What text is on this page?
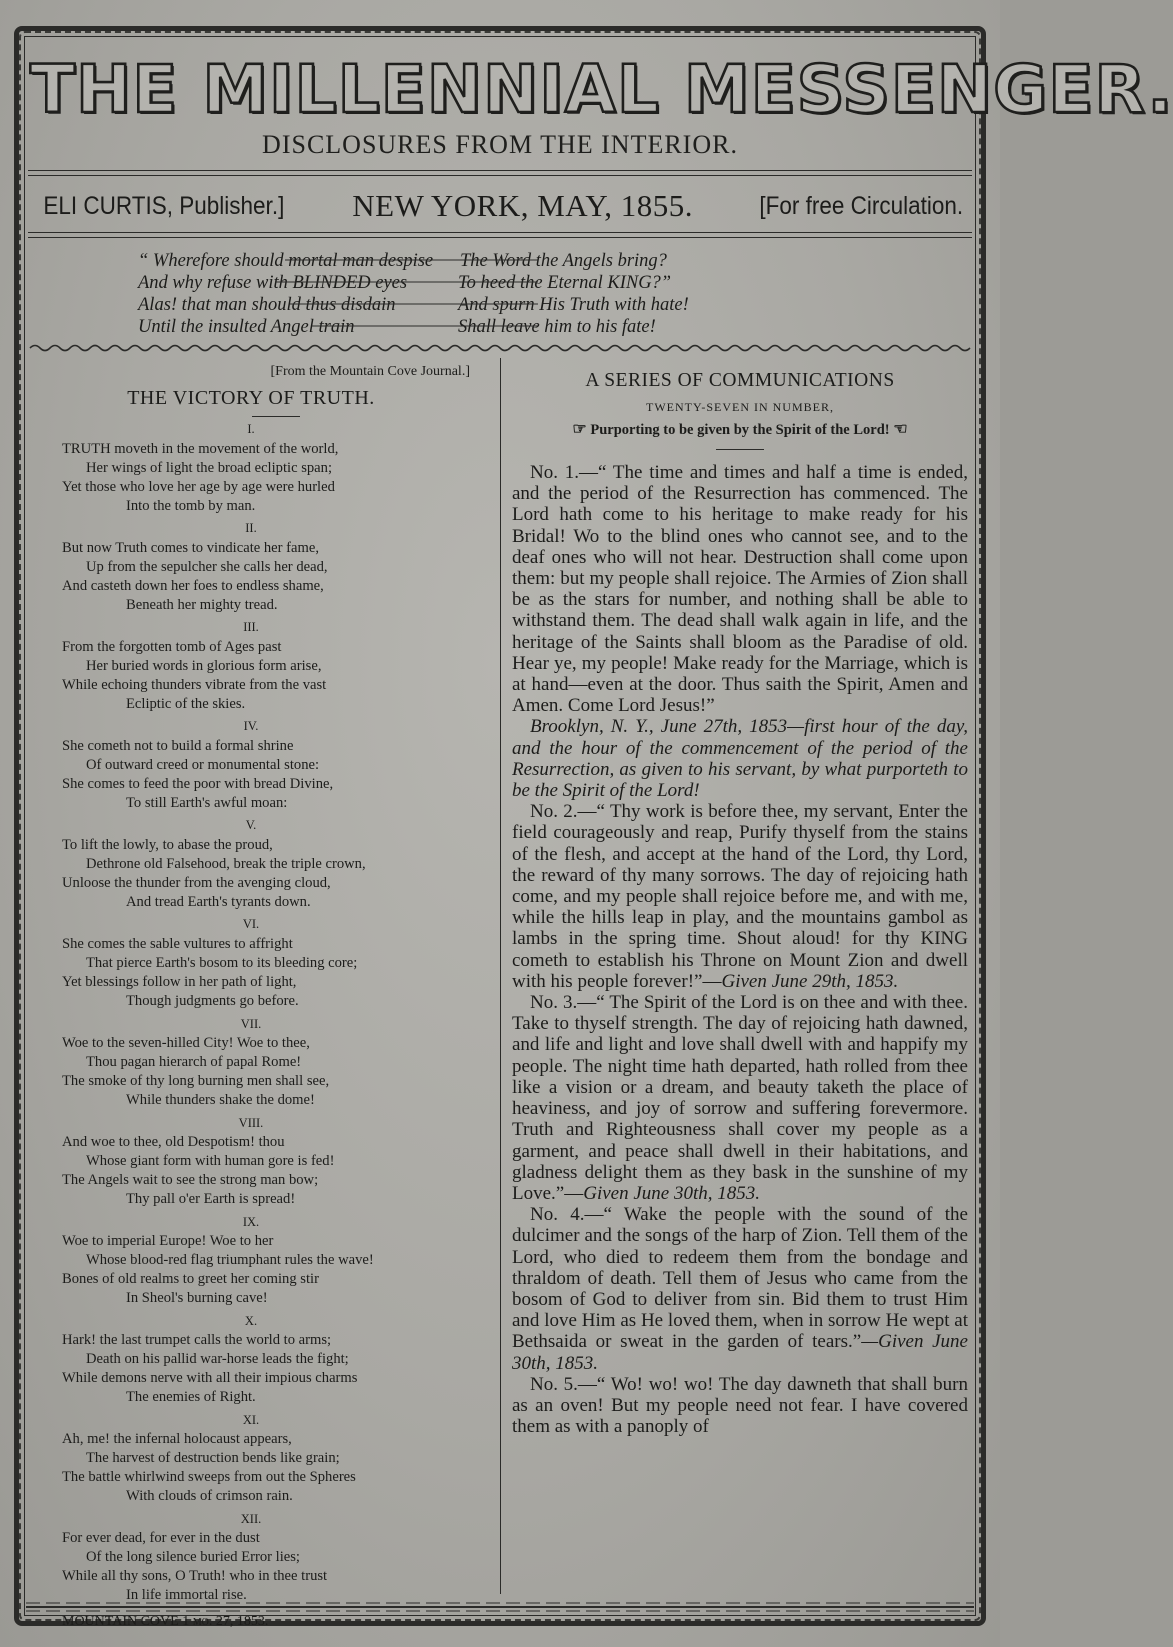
THE MILLENNIAL MESSENGER.
DISCLOSURES FROM THE INTERIOR.
ELI CURTIS, Publisher.] NEW YORK, MAY, 1855.	[For free Circulation.
“ Wherefore should mortal man despise The Word the Angels bring?
And why refuse with BLINDED eyes	To heed the Eternal KING?”
Alas! that man should thus disdain	And spurn His Truth with hate!
Until the insulted Angel train	Shall leave him to his fate!
[From the Mountain Cove Journal.]
THE VICTORY OF TRUTH.
I.
TRUTH moveth in the movement of the world,
Her wings of light the broad ecliptic span;
Yet those who love her age by age were hurled
Into the tomb by man.
II.
But now Truth comes to vindicate her fame,
Up from the sepulcher she calls her dead,
And casteth down her foes to endless shame,
Beneath her mighty tread.
III.
From the forgotten tomb of Ages past
Her buried words in glorious form arise,
While echoing thunders vibrate from the vast
Ecliptic of the skies.
IV.
She cometh not to build a formal shrine
Of outward creed or monumental stone:
She comes to feed the poor with bread Divine,
To still Earth's awful moan:
V.
To lift the lowly, to abase the proud,
Dethrone old Falsehood, break the triple crown,
Unloose the thunder from the avenging cloud,
And tread Earth's tyrants down.
VI.
She comes the sable vultures to affright
That pierce Earth's bosom to its bleeding core;
Yet blessings follow in her path of light,
Though judgments go before.
VII.
Woe to the seven-hilled City! Woe to thee,
Thou pagan hierarch of papal Rome!
The smoke of thy long burning men shall see,
While thunders shake the dome!
VIII.
And woe to thee, old Despotism! thou
Whose giant form with human gore is fed!
The Angels wait to see the strong man bow;
Thy pall o'er Earth is spread!
IX.
Woe to imperial Europe! Woe to her
Whose blood-red flag triumphant rules the wave!
Bones of old realms to greet her coming stir
In Sheol's burning cave!
X.
Hark! the last trumpet calls the world to arms;
Death on his pallid war-horse leads the fight;
While demons nerve with all their impious charms
The enemies of Right.
XI.
Ah, me! the infernal holocaust appears,
The harvest of destruction bends like grain;
The battle whirlwind sweeps from out the Spheres
With clouds of crimson rain.
XII.
For ever dead, for ever in the dust
Of the long silence buried Error lies;
While all thy sons, O Truth! who in thee trust
In life immortal rise.
MOUNTAIN COVE 1 mo. 27, 1853.
A SERIES OF COMMUNICATIONS
TWENTY-SEVEN IN NUMBER,
☞ Purporting to be given by the Spirit of the Lord! ☜

No. 1.—“ The time and times and half a time is ended, and the period of the Resurrection has commenced. The Lord hath come to his heritage to make ready for his Bridal! Wo to the blind ones who cannot see, and to the deaf ones who will not hear. Destruction shall come upon them: but my people shall rejoice. The Armies of Zion shall be as the stars for number, and nothing shall be able to withstand them. The dead shall walk again in life, and the heritage of the Saints shall bloom as the Paradise of old. Hear ye, my people! Make ready for the Marriage, which is at hand—even at the door. Thus saith the Spirit, Amen and Amen. Come Lord Jesus!”

Brooklyn, N. Y., June 27th, 1853—first hour of the day, and the hour of the commencement of the period of the Resurrection, as given to his servant, by what purporteth to be the Spirit of the Lord!

No. 2.—“ Thy work is before thee, my servant, Enter the field courageously and reap, Purify thyself from the stains of the flesh, and accept at the hand of the Lord, thy Lord, the reward of thy many sorrows. The day of rejoicing hath come, and my people shall rejoice before me, and with me, while the hills leap in play, and the mountains gambol as lambs in the spring time. Shout aloud! for thy KING cometh to establish his Throne on Mount Zion and dwell with his people forever!”—Given June 29th, 1853.

No. 3.—“ The Spirit of the Lord is on thee and with thee. Take to thyself strength. The day of rejoicing hath dawned, and life and light and love shall dwell with and happify my people. The night time hath departed, hath rolled from thee like a vision or a dream, and beauty taketh the place of heaviness, and joy of sorrow and suffering forevermore. Truth and Righteousness shall cover my people as a garment, and peace shall dwell in their habitations, and gladness delight them as they bask in the sunshine of my Love.”—Given June 30th, 1853.

No. 4.—“ Wake the people with the sound of the dulcimer and the songs of the harp of Zion. Tell them of the Lord, who died to redeem them from the bondage and thraldom of death. Tell them of Jesus who came from the bosom of God to deliver from sin. Bid them to trust Him and love Him as He loved them, when in sorrow He wept at Bethsaida or sweat in the garden of tears.”—Given June 30th, 1853.

No. 5.—“ Wo! wo! wo! The day dawneth that shall burn as an oven! But my people need not fear. I have covered them as with a panoply of
